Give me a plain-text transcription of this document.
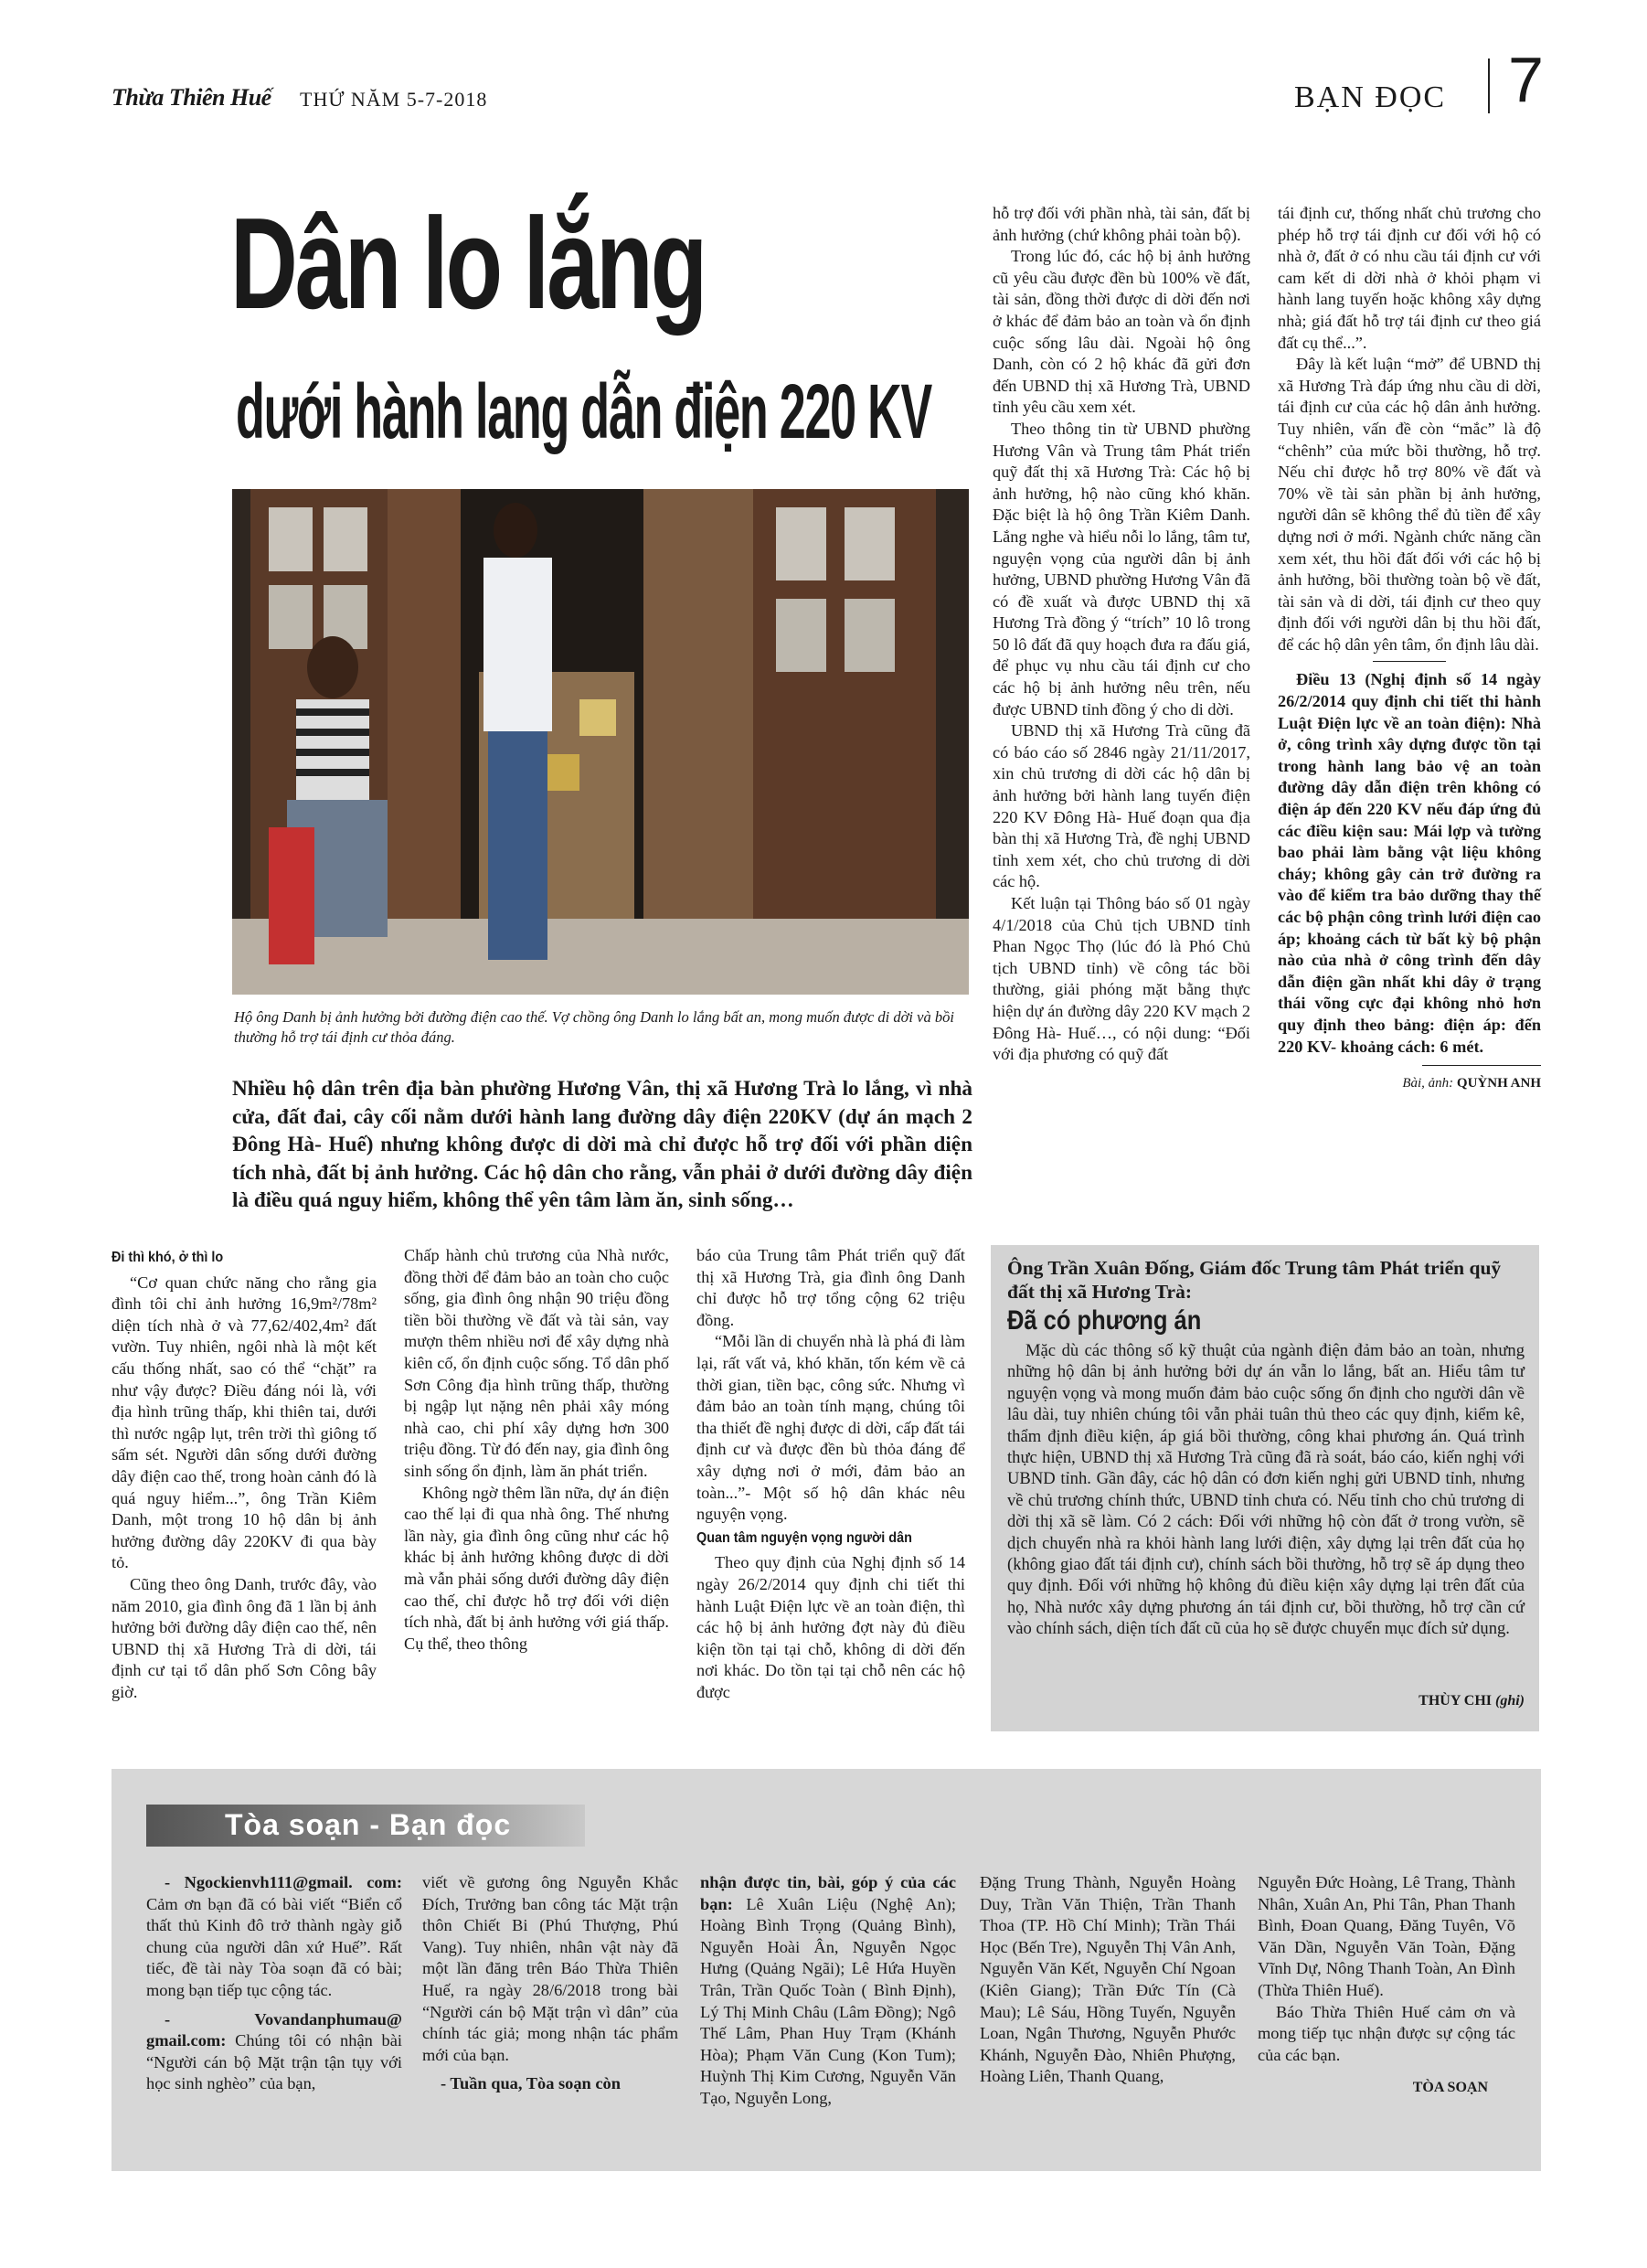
Thừa Thiên Huế THỨ NĂM 5-7-2018	BẠN ĐỌC 7
Dân lo lắng
dưới hành lang dẫn điện 220 KV
Hộ ông Danh bị ảnh hưởng bởi đường điện cao thế. Vợ chồng ông Danh lo lắng bất an, mong muốn được di dời và bồi thường hỗ trợ tái định cư thỏa đáng.
Nhiều hộ dân trên địa bàn phường Hương Vân, thị xã Hương Trà lo lắng, vì nhà cửa, đất đai, cây cối nằm dưới hành lang đường dây điện 220KV (dự án mạch 2 Đông Hà- Huế) nhưng không được di dời mà chỉ được hỗ trợ đối với phần diện tích nhà, đất bị ảnh hưởng. Các hộ dân cho rằng, vẫn phải ở dưới đường dây điện là điều quá nguy hiểm, không thể yên tâm làm ăn, sinh sống…

Đi thì khó, ở thì lo

“Cơ quan chức năng cho rằng gia đình tôi chỉ ảnh hưởng 16,9m²/78m² diện tích nhà ở và 77,62/402,4m² đất vườn. Tuy nhiên, ngôi nhà là một kết cấu thống nhất, sao có thể “chặt” ra như vậy được? Điều đáng nói là, với địa hình trũng thấp, khi thiên tai, dưới thì nước ngập lụt, trên trời thì giông tố sấm sét. Người dân sống dưới đường dây điện cao thế, trong hoàn cảnh đó là quá nguy hiểm...”, ông Trần Kiêm Danh, một trong 10 hộ dân bị ảnh hưởng đường dây 220KV đi qua bày tỏ.

Cũng theo ông Danh, trước đây, vào năm 2010, gia đình ông đã 1 lần bị ảnh hưởng bởi đường dây điện cao thế, nên UBND thị xã Hương Trà di dời, tái định cư tại tổ dân phố Sơn Công bây giờ.

Chấp hành chủ trương của Nhà nước, đồng thời để đảm bảo an toàn cho cuộc sống, gia đình ông nhận 90 triệu đồng tiền bồi thường về đất và tài sản, vay mượn thêm nhiều nơi để xây dựng nhà kiên cố, ổn định cuộc sống. Tổ dân phố Sơn Công địa hình trũng thấp, thường bị ngập lụt nặng nên phải xây móng nhà cao, chi phí xây dựng hơn 300 triệu đồng. Từ đó đến nay, gia đình ông sinh sống ổn định, làm ăn phát triển.

Không ngờ thêm lần nữa, dự án điện cao thế lại đi qua nhà ông. Thế nhưng lần này, gia đình ông cũng như các hộ khác bị ảnh hưởng không được di dời mà vẫn phải sống dưới đường dây điện cao thế, chỉ được hỗ trợ đối với diện tích nhà, đất bị ảnh hưởng với giá thấp. Cụ thể, theo thông

báo của Trung tâm Phát triển quỹ đất thị xã Hương Trà, gia đình ông Danh chỉ được hỗ trợ tổng cộng 62 triệu đồng.

“Mỗi lần di chuyển nhà là phá đi làm lại, rất vất vả, khó khăn, tốn kém về cả thời gian, tiền bạc, công sức. Nhưng vì đảm bảo an toàn tính mạng, chúng tôi tha thiết đề nghị được di dời, cấp đất tái định cư và được đền bù thỏa đáng để xây dựng nơi ở mới, đảm bảo an toàn...”- Một số hộ dân khác nêu nguyện vọng.

Quan tâm nguyện vọng người dân

Theo quy định của Nghị định số 14 ngày 26/2/2014 quy định chi tiết thi hành Luật Điện lực về an toàn điện, thì các hộ bị ảnh hưởng đợt này đủ điều kiện tồn tại tại chỗ, không di dời đến nơi khác. Do tồn tại tại chỗ nên các hộ được

hỗ trợ đối với phần nhà, tài sản, đất bị ảnh hưởng (chứ không phải toàn bộ).

Trong lúc đó, các hộ bị ảnh hưởng cũ yêu cầu được đền bù 100% về đất, tài sản, đồng thời được di dời đến nơi ở khác để đảm bảo an toàn và ổn định cuộc sống lâu dài. Ngoài hộ ông Danh, còn có 2 hộ khác đã gửi đơn đến UBND thị xã Hương Trà, UBND tỉnh yêu cầu xem xét.

Theo thông tin từ UBND phường Hương Vân và Trung tâm Phát triển quỹ đất thị xã Hương Trà: Các hộ bị ảnh hưởng, hộ nào cũng khó khăn. Đặc biệt là hộ ông Trần Kiêm Danh. Lắng nghe và hiểu nỗi lo lắng, tâm tư, nguyện vọng của người dân bị ảnh hưởng, UBND phường Hương Vân đã có đề xuất và được UBND thị xã Hương Trà đồng ý “trích” 10 lô trong 50 lô đất đã quy hoạch đưa ra đấu giá, để phục vụ nhu cầu tái định cư cho các hộ bị ảnh hưởng nêu trên, nếu được UBND tỉnh đồng ý cho di dời.

UBND thị xã Hương Trà cũng đã có báo cáo số 2846 ngày 21/11/2017, xin chủ trương di dời các hộ dân bị ảnh hưởng bởi hành lang tuyến điện 220 KV Đông Hà- Huế đoạn qua địa bàn thị xã Hương Trà, đề nghị UBND tỉnh xem xét, cho chủ trương di dời các hộ.

Kết luận tại Thông báo số 01 ngày 4/1/2018 của Chủ tịch UBND tỉnh Phan Ngọc Thọ (lúc đó là Phó Chủ tịch UBND tỉnh) về công tác bồi thường, giải phóng mặt bằng thực hiện dự án đường dây 220 KV mạch 2 Đông Hà- Huế…, có nội dung: “Đối với địa phương có quỹ đất

tái định cư, thống nhất chủ trương cho phép hỗ trợ tái định cư đối với hộ có nhà ở, đất ở có nhu cầu tái định cư với cam kết di dời nhà ở khỏi phạm vi hành lang tuyến hoặc không xây dựng nhà; giá đất hỗ trợ tái định cư theo giá đất cụ thể...”.

Đây là kết luận “mở” để UBND thị xã Hương Trà đáp ứng nhu cầu di dời, tái định cư của các hộ dân ảnh hưởng. Tuy nhiên, vấn đề còn “mắc” là độ “chênh” của mức bồi thường, hỗ trợ. Nếu chỉ được hỗ trợ 80% về đất và 70% về tài sản phần bị ảnh hưởng, người dân sẽ không thể đủ tiền để xây dựng nơi ở mới. Ngành chức năng cần xem xét, thu hồi đất đối với các hộ bị ảnh hưởng, bồi thường toàn bộ về đất, tài sản và di dời, tái định cư theo quy định đối với người dân bị thu hồi đất, để các hộ dân yên tâm, ổn định lâu dài.

Điều 13 (Nghị định số 14 ngày 26/2/2014 quy định chi tiết thi hành Luật Điện lực về an toàn điện): Nhà ở, công trình xây dựng được tồn tại trong hành lang bảo vệ an toàn đường dây dẫn điện trên không có điện áp đến 220 KV nếu đáp ứng đủ các điều kiện sau: Mái lợp và tường bao phải làm bằng vật liệu không cháy; không gây cản trở đường ra vào để kiểm tra bảo dưỡng thay thế các bộ phận công trình lưới điện cao áp; khoảng cách từ bất kỳ bộ phận nào của nhà ở công trình đến dây dẫn điện gần nhất khi dây ở trạng thái võng cực đại không nhỏ hơn quy định theo bảng: điện áp: đến 220 KV- khoảng cách: 6 mét.

Bài, ảnh: QUỲNH ANH
Ông Trần Xuân Đống, Giám đốc Trung tâm Phát triển quỹ đất thị xã Hương Trà:
Đã có phương án

Mặc dù các thông số kỹ thuật của ngành điện đảm bảo an toàn, nhưng những hộ dân bị ảnh hưởng bởi dự án vẫn lo lắng, bất an. Hiểu tâm tư nguyện vọng và mong muốn đảm bảo cuộc sống ổn định cho người dân về lâu dài, tuy nhiên chúng tôi vẫn phải tuân thủ theo các quy định, kiểm kê, thẩm định điều kiện, áp giá bồi thường, công khai phương án. Quá trình thực hiện, UBND thị xã Hương Trà cũng đã rà soát, báo cáo, kiến nghị với UBND tỉnh. Gần đây, các hộ dân có đơn kiến nghị gửi UBND tỉnh, nhưng về chủ trương chính thức, UBND tỉnh chưa có. Nếu tỉnh cho chủ trương di dời thị xã sẽ làm. Có 2 cách: Đối với những hộ còn đất ở trong vườn, sẽ dịch chuyển nhà ra khỏi hành lang lưới điện, xây dựng lại trên đất của họ (không giao đất tái định cư), chính sách bồi thường, hỗ trợ sẽ áp dụng theo quy định. Đối với những hộ không đủ điều kiện xây dựng lại trên đất của họ, Nhà nước xây dựng phương án tái định cư, bồi thường, hỗ trợ cần cứ vào chính sách, diện tích đất cũ của họ sẽ được chuyển mục đích sử dụng.

THÙY CHI (ghi)
Tòa soạn - Bạn đọc

- Ngockienvh111@gmail. com: Cảm ơn bạn đã có bài viết “Biển cổ thất thủ Kinh đô trở thành ngày giỗ chung của người dân xứ Huế”. Rất tiếc, đề tài này Tòa soạn đã có bài; mong bạn tiếp tục cộng tác.

- Vovandanphumau@ gmail.com: Chúng tôi có nhận bài “Người cán bộ Mặt trận tận tụy với học sinh nghèo” của bạn,

viết về gương ông Nguyễn Khắc Đích, Trưởng ban công tác Mặt trận thôn Chiết Bi (Phú Thượng, Phú Vang). Tuy nhiên, nhân vật này đã một lần đăng trên Báo Thừa Thiên Huế, ra ngày 28/6/2018 trong bài “Người cán bộ Mặt trận vì dân” của chính tác giả; mong nhận tác phẩm mới của bạn.

- Tuần qua, Tòa soạn còn

nhận được tin, bài, góp ý của các bạn: Lê Xuân Liệu (Nghệ An); Hoàng Bình Trọng (Quảng Bình), Nguyễn Hoài Ân, Nguyễn Ngọc Hưng (Quảng Ngãi); Lê Hứa Huyền Trân, Trần Quốc Toàn ( Bình Định), Lý Thị Minh Châu (Lâm Đồng); Ngô Thế Lâm, Phan Huy Trạm (Khánh Hòa); Phạm Văn Cung (Kon Tum); Huỳnh Thị Kim Cương, Nguyễn Văn Tạo, Nguyễn Long,

Đặng Trung Thành, Nguyễn Hoàng Duy, Trần Văn Thiện, Trần Thanh Thoa (TP. Hồ Chí Minh); Trần Thái Học (Bến Tre), Nguyễn Thị Vân Anh, Nguyễn Văn Kết, Nguyễn Chí Ngoan (Kiên Giang); Trần Đức Tín (Cà Mau); Lê Sáu, Hồng Tuyến, Nguyễn Loan, Ngân Thương, Nguyễn Phước Khánh, Nguyễn Đào, Nhiên Phượng, Hoàng Liên, Thanh Quang,

Nguyễn Đức Hoàng, Lê Trang, Thành Nhân, Xuân An, Phi Tân, Phan Thanh Bình, Đoan Quang, Đăng Tuyên, Võ Văn Dần, Nguyễn Văn Toàn, Đặng Vĩnh Dự, Nông Thanh Toàn, An Đình (Thừa Thiên Huế).

Báo Thừa Thiên Huế cảm ơn và mong tiếp tục nhận được sự cộng tác của các bạn.

TÒA SOẠN
